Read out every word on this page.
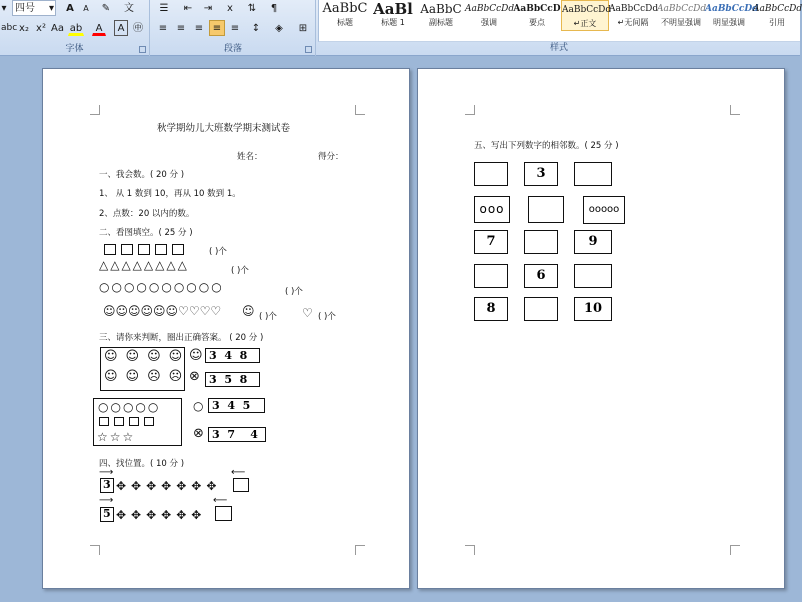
▾ 四号 ▾	A	A	✎	文
abc x₂ x² Aa ab	A	A ㊥
字体
☰	⇤	⇥	ⅹ	⇅	¶
≡ ≡ ≡ ≡ ≡	↕	◈	⊞
段落
AaBbC
标题
AaBl
标题 1
AaBbC
副标题
AaBbCcDd
强调
AaBbCcD
要点
AaBbCcDd
↵正文
AaBbCcDd
↵无间隔
AaBbCcDd
不明显强调
AaBbCcDd
明显强调
AaBbCcDd
引用
样式
秋学期幼儿大班数学期末测试卷
姓名：	得分：
一、我会数。( 20 分 )
1、 从 1 数到 10，再从 10 数到 1。
2、点数：20 以内的数。
二、看图填空。( 25 分 )
( )个
△△△△△△△△	( )个
○○○○○○○○○○	( )个
☺☺☺☺☺☺♡♡♡♡ ☺ ( )个 ♡ ( )个
三、请你来判断，圈出正确答案。 ( 20 分 )
☺☺☺☺
☺☺☹☹
☺
⊗
3  4  8
3  5  8
○○○○○
☆☆☆
○
⊗
3  4  5
3  7    4
四、找位置。( 10 分 )
⟶	⟵
3 ✥✥✥✥✥✥✥
⟶	⟵
5 ✥✥✥✥✥✥
五、写出下列数字的相邻数。( 25 分 )
3
ooo	ooooo
7	9
6
8	10
